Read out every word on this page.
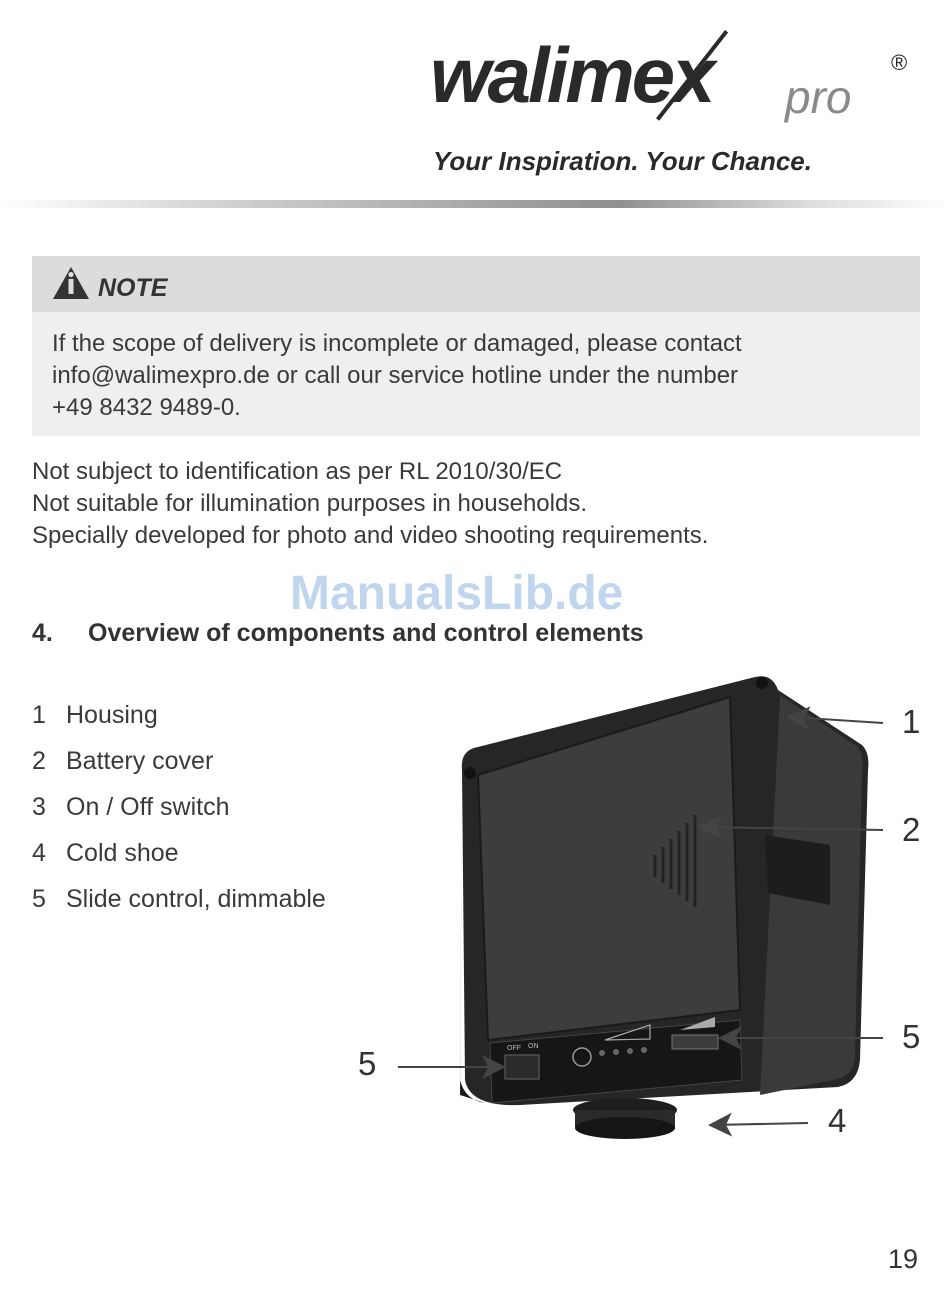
walimex pro
®
Your Inspiration. Your Chance.
NOTE
If the scope of delivery is incomplete or damaged, please contact
info@walimexpro.de or call our service hotline under the number
+49 8432 9489-0.
Not subject to identification as per RL 2010/30/EC
Not suitable for illumination purposes in households.
Specially developed for photo and video shooting requirements.
ManualsLib.de
4. Overview of components and control elements
1 Housing
2 Battery cover
3 On / Off switch
4 Cold shoe
5 Slide control, dimmable
OFF ON
1
2
5
5
4
19
